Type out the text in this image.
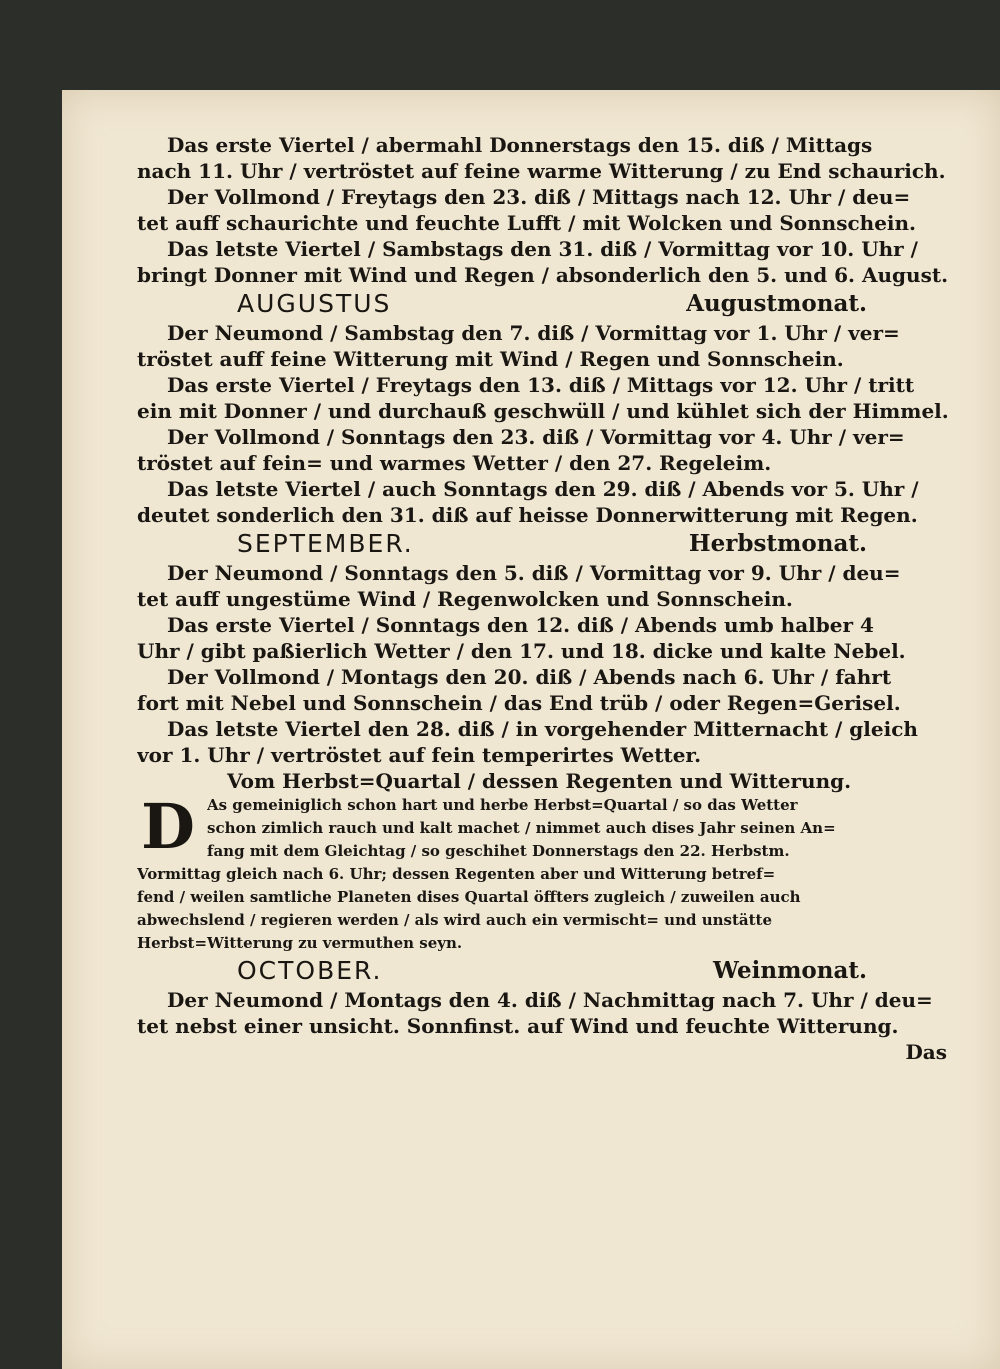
Das erste Viertel / abermahl Donnerstags den 15. diß / Mittags
nach 11. Uhr / vertröstet auf feine warme Witterung / zu End schaurich.
Der Vollmond / Freytags den 23. diß / Mittags nach 12. Uhr / deu=
tet auff schaurichte und feuchte Lufft / mit Wolcken und Sonnschein.
Das letste Viertel / Sambstags den 31. diß / Vormittag vor 10. Uhr /
bringt Donner mit Wind und Regen / absonderlich den 5. und 6. August.
AUGUSTUS	Augustmonat.
Der Neumond / Sambstag den 7. diß / Vormittag vor 1. Uhr / ver=
tröstet auff feine Witterung mit Wind / Regen und Sonnschein.
Das erste Viertel / Freytags den 13. diß / Mittags vor 12. Uhr / tritt
ein mit Donner / und durchauß geschwüll / und kühlet sich der Himmel.
Der Vollmond / Sonntags den 23. diß / Vormittag vor 4. Uhr / ver=
tröstet auf fein= und warmes Wetter / den 27. Regeleim.
Das letste Viertel / auch Sonntags den 29. diß / Abends vor 5. Uhr /
deutet sonderlich den 31. diß auf heisse Donnerwitterung mit Regen.
SEPTEMBER.	Herbstmonat.
Der Neumond / Sonntags den 5. diß / Vormittag vor 9. Uhr / deu=
tet auff ungestüme Wind / Regenwolcken und Sonnschein.
Das erste Viertel / Sonntags den 12. diß / Abends umb halber 4
Uhr / gibt paßierlich Wetter / den 17. und 18. dicke und kalte Nebel.
Der Vollmond / Montags den 20. diß / Abends nach 6. Uhr / fahrt
fort mit Nebel und Sonnschein / das End trüb / oder Regen=Gerisel.
Das letste Viertel den 28. diß / in vorgehender Mitternacht / gleich
vor 1. Uhr / vertröstet auf fein temperirtes Wetter.
Vom Herbst=Quartal / dessen Regenten und Witterung.
D As gemeiniglich schon hart und herbe Herbst=Quartal / so das Wetter
schon zimlich rauch und kalt machet / nimmet auch dises Jahr seinen An=
fang mit dem Gleichtag / so geschihet Donnerstags den 22. Herbstm.
Vormittag gleich nach 6. Uhr; dessen Regenten aber und Witterung betref=
fend / weilen samtliche Planeten dises Quartal öffters zugleich / zuweilen auch
abwechslend / regieren werden / als wird auch ein vermischt= und unstätte
Herbst=Witterung zu vermuthen seyn.
OCTOBER.	Weinmonat.
Der Neumond / Montags den 4. diß / Nachmittag nach 7. Uhr / deu=
tet nebst einer unsicht. Sonnfinst. auf Wind und feuchte Witterung.
Das
